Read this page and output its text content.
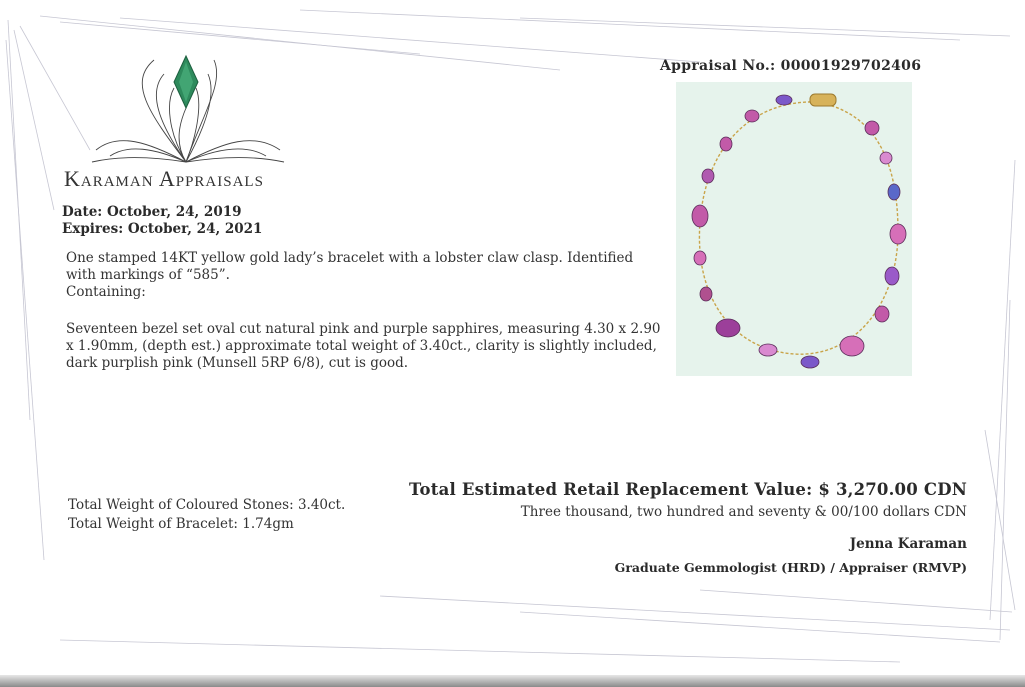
Karaman Appraisals
Date: October, 24, 2019
Expires: October, 24, 2021
Appraisal No.: 00001929702406

One stamped 14KT yellow gold lady’s bracelet with a lobster claw clasp. Identified with markings of “585”.

Containing:

Seventeen bezel set oval cut natural pink and purple sapphires, measuring 4.30 x 2.90 x 1.90mm, (depth est.) approximate total weight of 3.40ct., clarity is slightly included, dark purplish pink (Munsell 5RP 6/8), cut is good.

Total Weight of Coloured Stones: 3.40ct.
Total Weight of Bracelet: 1.74gm
Total Estimated Retail Replacement Value: $ 3,270.00 CDN
Three thousand, two hundred and seventy & 00/100 dollars CDN
Jenna Karaman
Graduate Gemmologist (HRD) / Appraiser (RMVP)
